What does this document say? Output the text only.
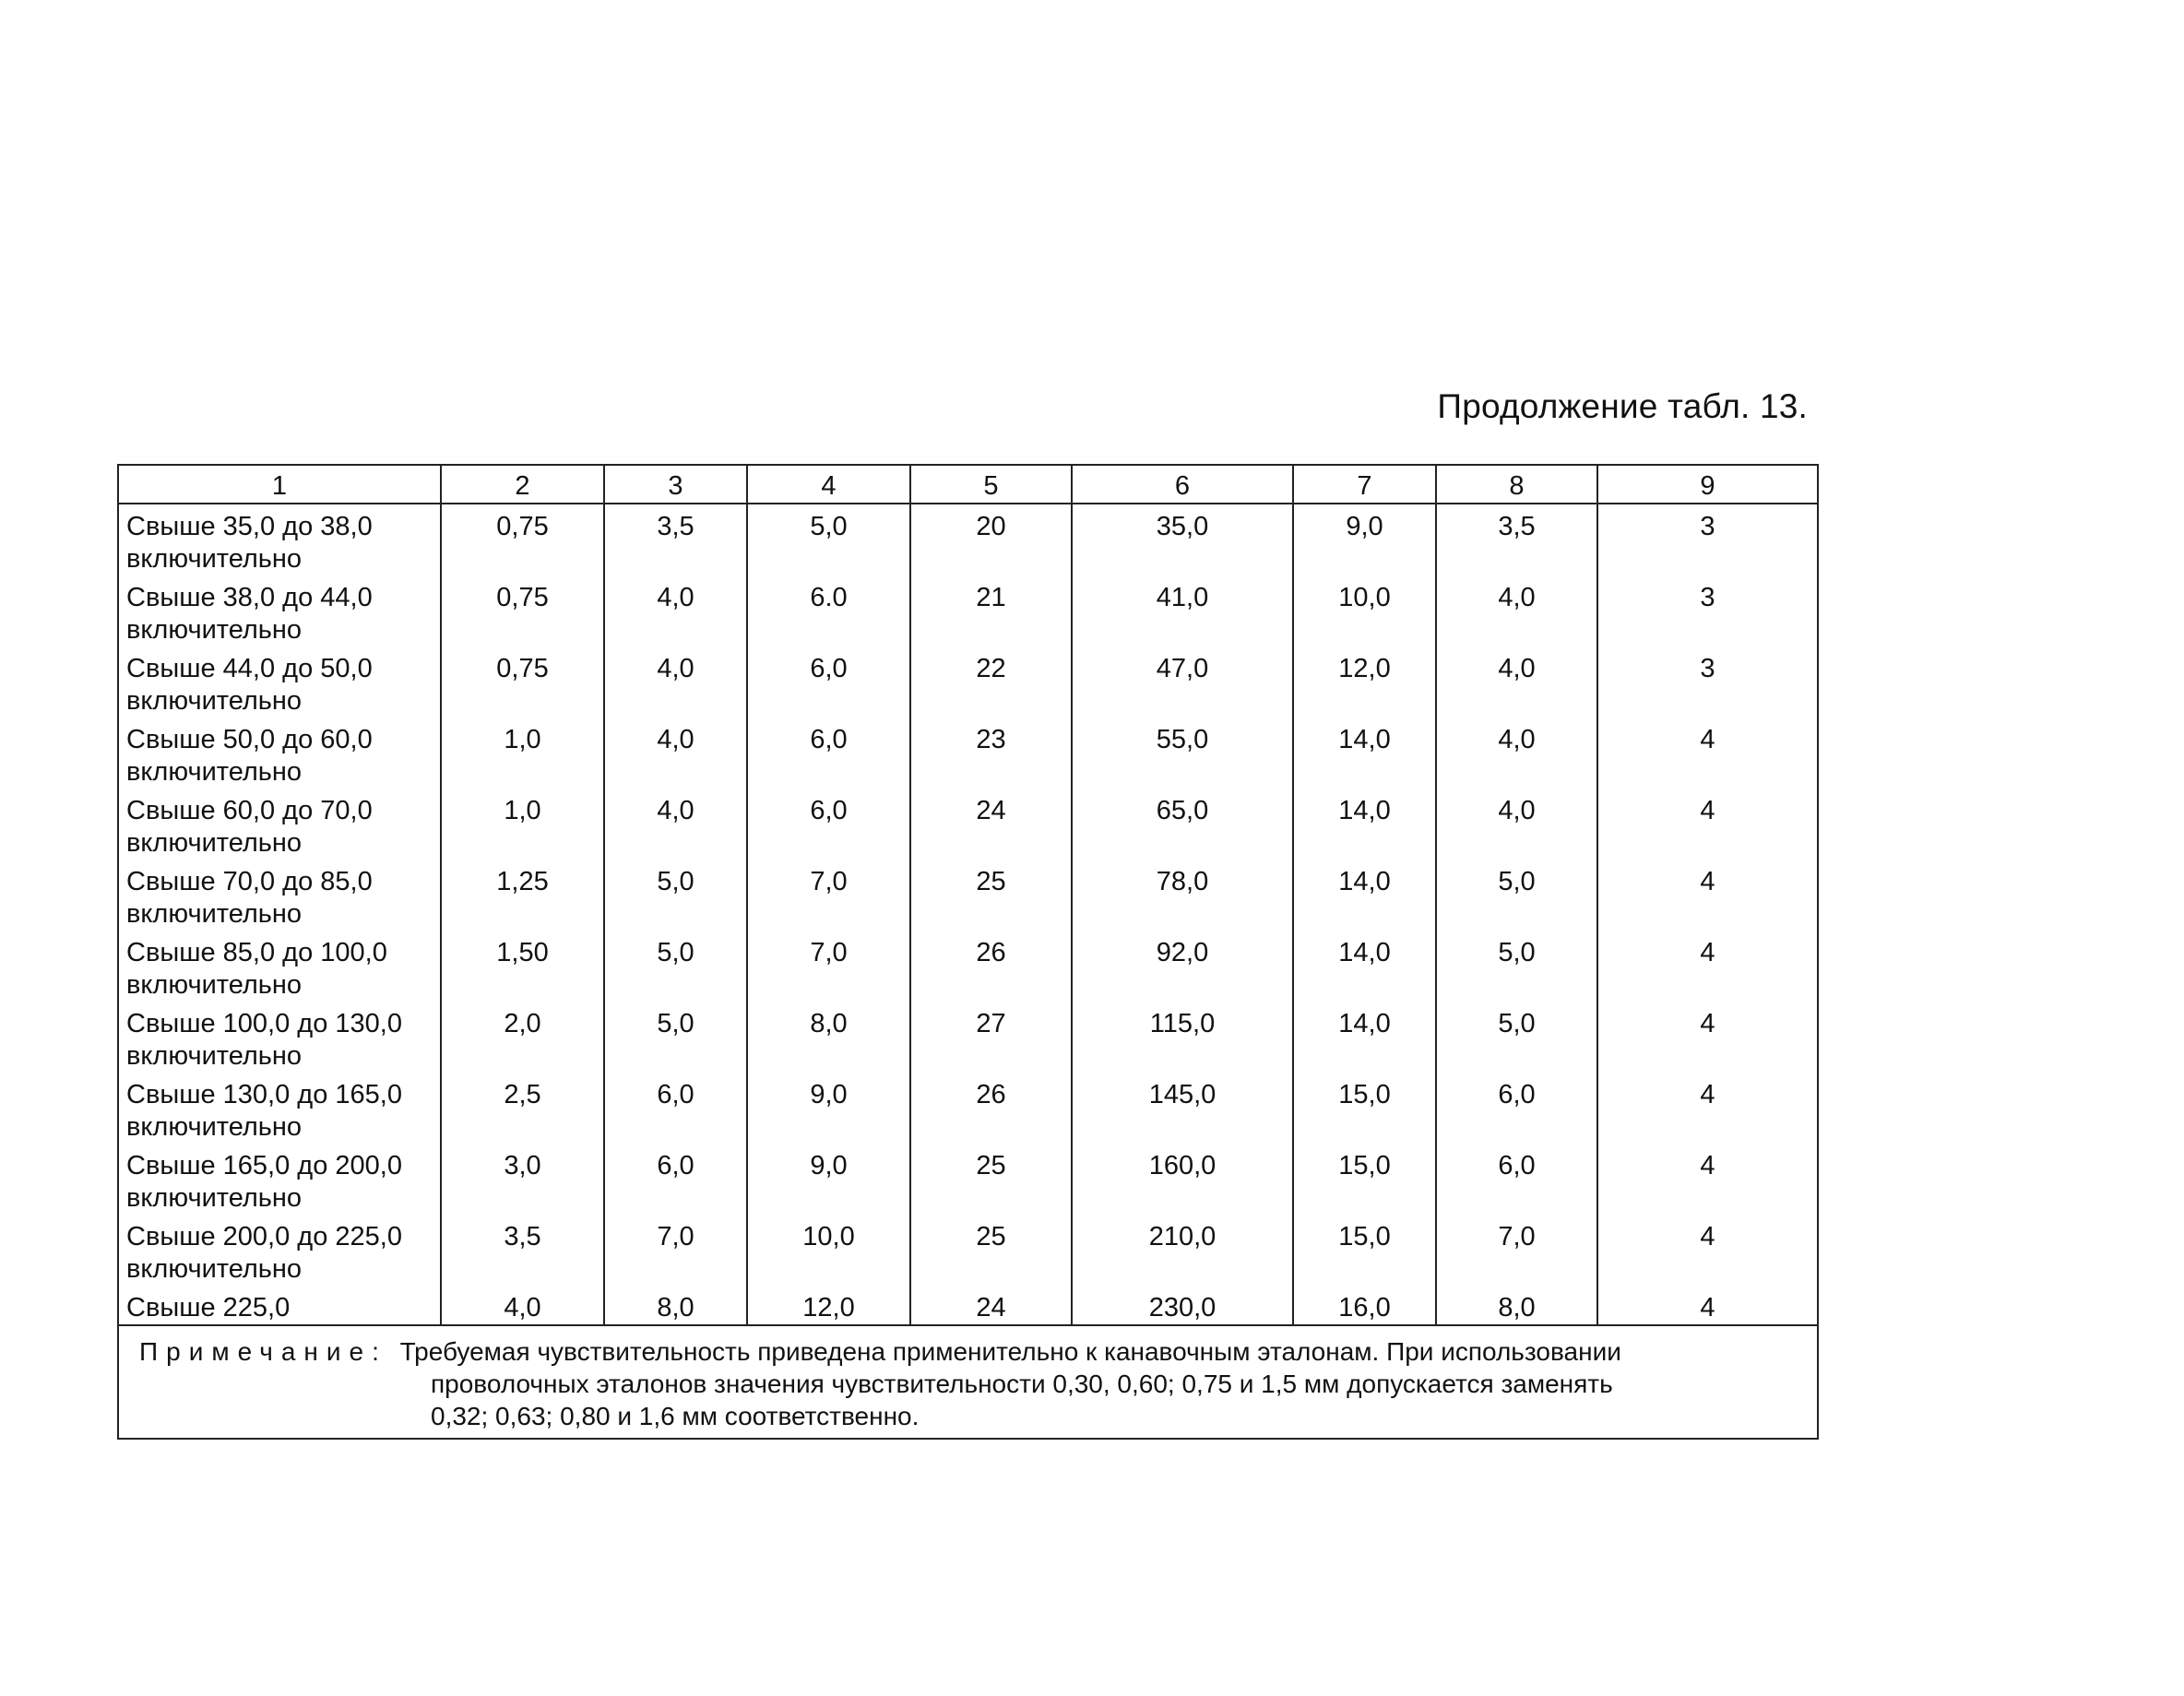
Продолжение табл. 13.
1	2	3	4	5	6	7	8	9

Свыше 35,0 до 38,0
включительно	0,75	3,5	5,0	20	35,0	9,0	3,5	3

Свыше 38,0 до 44,0
включительно	0,75	4,0	6.0	21	41,0	10,0	4,0	3

Свыше 44,0 до 50,0
включительно	0,75	4,0	6,0	22	47,0	12,0	4,0	3

Свыше 50,0 до 60,0
включительно	1,0	4,0	6,0	23	55,0	14,0	4,0	4

Свыше 60,0 до 70,0
включительно	1,0	4,0	6,0	24	65,0	14,0	4,0	4

Свыше 70,0 до 85,0
включительно	1,25	5,0	7,0	25	78,0	14,0	5,0	4

Свыше 85,0 до 100,0
включительно	1,50	5,0	7,0	26	92,0	14,0	5,0	4

Свыше 100,0 до 130,0
включительно	2,0	5,0	8,0	27	115,0	14,0	5,0	4

Свыше 130,0 до 165,0
включительно	2,5	6,0	9,0	26	145,0	15,0	6,0	4

Свыше 165,0 до 200,0
включительно	3,0	6,0	9,0	25	160,0	15,0	6,0	4

Свыше 200,0 до 225,0
включительно	3,5	7,0	10,0	25	210,0	15,0	7,0	4

Свыше 225,0	4,0	8,0	12,0	24	230,0	16,0	8,0	4

Примечание: Требуемая чувствительность приведена применительно к канавочным эталонам. При использовании
проволочных эталонов значения чувствительности 0,30, 0,60; 0,75 и 1,5 мм допускается заменять
0,32; 0,63; 0,80 и 1,6 мм соответственно.								
